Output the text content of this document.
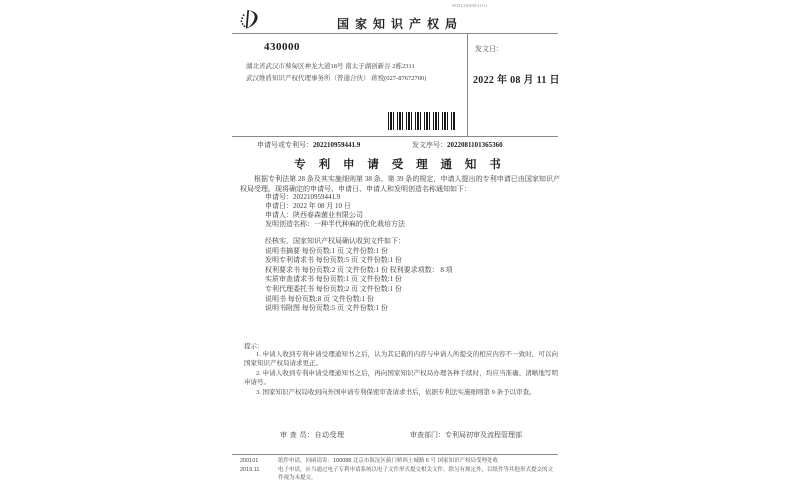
WD2208081101
国家知识产权局
430000
湖北省武汉市蔡甸区神龙大道18号 南太子湖创新谷 2栋2311
武汉维盾知识产权代理事务所（普通合伙） 蒋悦(027-87672700)
发文日：
2022 年 08 月 11 日
申请号或专利号：202210959441.9	发文序号：2022081101365360
专 利 申 请 受 理 通 知 书

根据专利法第 28 条及其实施细则第 38 条、第 39 条的规定，申请人提出的专利申请已由国家知识产权局受理。现将确定的申请号、申请日、申请人和发明创造名称通知如下：

申请号：202210959441.9
申请日：2022 年 08 月 10 日
申请人：陕西春森菌业有限公司
发明创造名称：一种半代种麻的优化栽培方法
经核实，国家知识产权局确认收到文件如下：
说明书摘要 每份页数:1 页 文件份数:1 份
发明专利请求书 每份页数:5 页 文件份数:1 份
权利要求书 每份页数:2 页 文件份数:1 份 权利要求项数： 8 项
实质审查请求书 每份页数:1 页 文件份数:1 份
专利代理委托书 每份页数:2 页 文件份数:1 份
说明书 每份页数:8 页 文件份数:1 份
说明书附图 每份页数:5 页 文件份数:1 份
提示：

1. 申请人收到专利申请受理通知书之后，认为其记载的内容与申请人所提交的相应内容不一致时，可以向国家知识产权局请求更正。

2. 申请人收到专利申请受理通知书之后，再向国家知识产权局办理各种手续时，均应当准确、清晰地写明申请号。

3. 国家知识产权局收到向外国申请专利保密审查请求书后，依据专利法实施细则第 9 条予以审查。

审 查 员：自动受理	审查部门：专利局初审及流程管理部
200101	纸件申请，回函请寄：100088 北京市海淀区蓟门桥西土城路 6 号 国家知识产权局受理处收
2019.11	电子申请，应当通过电子专利申请系统以电子文件形式提交相关文件。除另有规定外，以纸件等其他形式提交的文件视为未提交。
